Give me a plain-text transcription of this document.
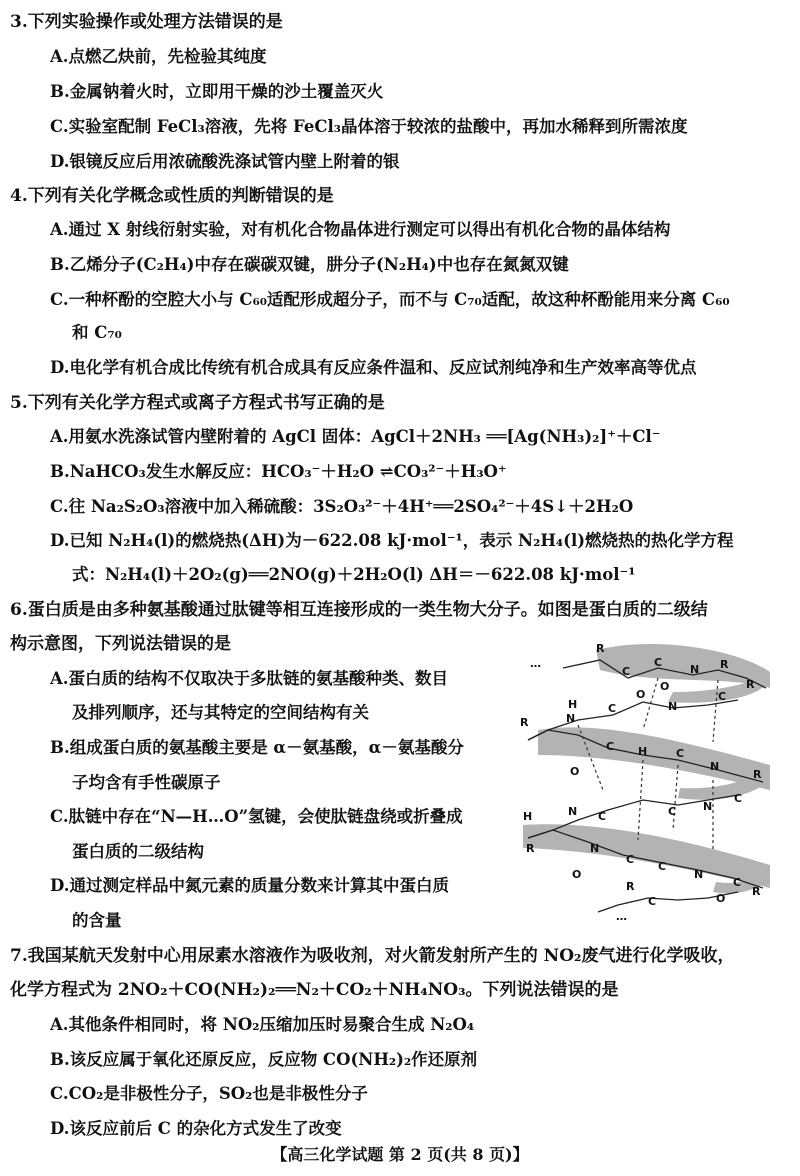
3.下列实验操作或处理方法错误的是
A.点燃乙炔前，先检验其纯度
B.金属钠着火时，立即用干燥的沙土覆盖灭火
C.实验室配制 FeCl₃溶液，先将 FeCl₃晶体溶于较浓的盐酸中，再加水稀释到所需浓度
D.银镜反应后用浓硫酸洗涤试管内壁上附着的银
4.下列有关化学概念或性质的判断错误的是
A.通过 X 射线衍射实验，对有机化合物晶体进行测定可以得出有机化合物的晶体结构
B.乙烯分子(C₂H₄)中存在碳碳双键，肼分子(N₂H₄)中也存在氮氮双键
C.一种杯酚的空腔大小与 C₆₀适配形成超分子，而不与 C₇₀适配，故这种杯酚能用来分离 C₆₀
和 C₇₀
D.电化学有机合成比传统有机合成具有反应条件温和、反应试剂纯净和生产效率高等优点
5.下列有关化学方程式或离子方程式书写正确的是
A.用氨水洗涤试管内壁附着的 AgCl 固体：AgCl＋2NH₃ ══[Ag(NH₃)₂]⁺＋Cl⁻
B.NaHCO₃发生水解反应：HCO₃⁻＋H₂O ⇌CO₃²⁻＋H₃O⁺
C.往 Na₂S₂O₃溶液中加入稀硫酸：3S₂O₃²⁻＋4H⁺══2SO₄²⁻＋4S↓＋2H₂O
D.已知 N₂H₄(l)的燃烧热(ΔH)为－622.08 kJ·mol⁻¹，表示 N₂H₄(l)燃烧热的热化学方程
式：N₂H₄(l)＋2O₂(g)══2NO(g)＋2H₂O(l) ΔH＝－622.08 kJ·mol⁻¹
6.蛋白质是由多种氨基酸通过肽键等相互连接形成的一类生物大分子。如图是蛋白质的二级结
构示意图，下列说法错误的是
A.蛋白质的结构不仅取决于多肽链的氨基酸种类、数目
及排列顺序，还与其特定的空间结构有关
B.组成蛋白质的氨基酸主要是 α－氨基酸，α－氨基酸分
子均含有手性碳原子
C.肽链中存在“N—H…O”氢键，会使肽链盘绕或折叠成
蛋白质的二级结构
D.通过测定样品中氮元素的质量分数来计算其中蛋白质
的含量
…
R
C
C
N R
R
O
C
N
O
C
H
N
R
C H	C
N
R
O
C
N
C
C
N
H
R	N
C
C
N
C
O
R
R
C	O
…
7.我国某航天发射中心用尿素水溶液作为吸收剂，对火箭发射所产生的 NO₂废气进行化学吸收，
化学方程式为 2NO₂＋CO(NH₂)₂══N₂＋CO₂＋NH₄NO₃。下列说法错误的是
A.其他条件相同时，将 NO₂压缩加压时易聚合生成 N₂O₄
B.该反应属于氧化还原反应，反应物 CO(NH₂)₂作还原剂
C.CO₂是非极性分子，SO₂也是非极性分子
D.该反应前后 C 的杂化方式发生了改变
【高三化学试题 第 2 页(共 8 页)】
